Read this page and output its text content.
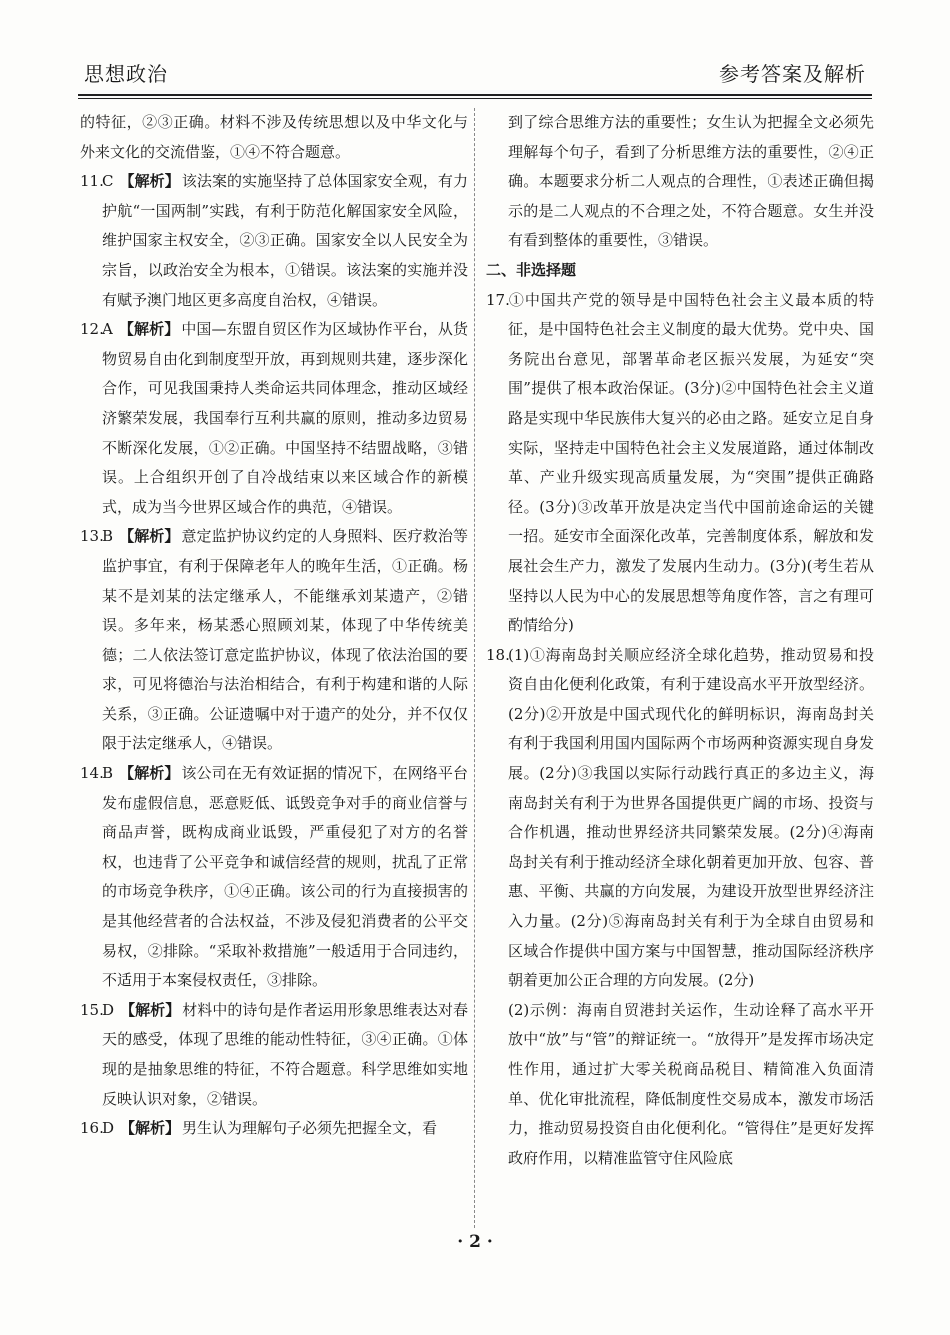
思想政治	参考答案及解析

的特征，②③正确。材料不涉及传统思想以及中华文化与外来文化的交流借鉴，①④不符合题意。

11.C 【解析】 该法案的实施坚持了总体国家安全观，有力护航“一国两制”实践，有利于防范化解国家安全风险，维护国家主权安全，②③正确。国家安全以人民安全为宗旨，以政治安全为根本，①错误。该法案的实施并没有赋予澳门地区更多高度自治权，④错误。

12.A 【解析】 中国—东盟自贸区作为区域协作平台，从货物贸易自由化到制度型开放，再到规则共建，逐步深化合作，可见我国秉持人类命运共同体理念，推动区域经济繁荣发展，我国奉行互利共赢的原则，推动多边贸易不断深化发展，①②正确。中国坚持不结盟战略，③错误。上合组织开创了自冷战结束以来区域合作的新模式，成为当今世界区域合作的典范，④错误。

13.B 【解析】 意定监护协议约定的人身照料、医疗救治等监护事宜，有利于保障老年人的晚年生活，①正确。杨某不是刘某的法定继承人，不能继承刘某遗产，②错误。多年来，杨某悉心照顾刘某，体现了中华传统美德；二人依法签订意定监护协议，体现了依法治国的要求，可见将德治与法治相结合，有利于构建和谐的人际关系，③正确。公证遗嘱中对于遗产的处分，并不仅仅限于法定继承人，④错误。

14.B 【解析】 该公司在无有效证据的情况下，在网络平台发布虚假信息，恶意贬低、诋毁竞争对手的商业信誉与商品声誉，既构成商业诋毁，严重侵犯了对方的名誉权，也违背了公平竞争和诚信经营的规则，扰乱了正常的市场竞争秩序，①④正确。该公司的行为直接损害的是其他经营者的合法权益，不涉及侵犯消费者的公平交易权，②排除。“采取补救措施”一般适用于合同违约，不适用于本案侵权责任，③排除。

15.D 【解析】 材料中的诗句是作者运用形象思维表达对春天的感受，体现了思维的能动性特征，③④正确。①体现的是抽象思维的特征，不符合题意。科学思维如实地反映认识对象，②错误。

16.D 【解析】 男生认为理解句子必须先把握全文，看

到了综合思维方法的重要性；女生认为把握全文必须先理解每个句子，看到了分析思维方法的重要性，②④正确。本题要求分析二人观点的合理性，①表述正确但揭示的是二人观点的不合理之处，不符合题意。女生并没有看到整体的重要性，③错误。

二、非选择题

17.①中国共产党的领导是中国特色社会主义最本质的特征，是中国特色社会主义制度的最大优势。党中央、国务院出台意见，部署革命老区振兴发展，为延安“突围”提供了根本政治保证。(3分)②中国特色社会主义道路是实现中华民族伟大复兴的必由之路。延安立足自身实际，坚持走中国特色社会主义发展道路，通过体制改革、产业升级实现高质量发展，为“突围”提供正确路径。(3分)③改革开放是决定当代中国前途命运的关键一招。延安市全面深化改革，完善制度体系，解放和发展社会生产力，激发了发展内生动力。(3分)(考生若从坚持以人民为中心的发展思想等角度作答，言之有理可酌情给分)

18.(1)①海南岛封关顺应经济全球化趋势，推动贸易和投资自由化便利化政策，有利于建设高水平开放型经济。(2分)②开放是中国式现代化的鲜明标识，海南岛封关有利于我国利用国内国际两个市场两种资源实现自身发展。(2分)③我国以实际行动践行真正的多边主义，海南岛封关有利于为世界各国提供更广阔的市场、投资与合作机遇，推动世界经济共同繁荣发展。(2分)④海南岛封关有利于推动经济全球化朝着更加开放、包容、普惠、平衡、共赢的方向发展，为建设开放型世界经济注入力量。(2分)⑤海南岛封关有利于为全球自由贸易和区域合作提供中国方案与中国智慧，推动国际经济秩序朝着更加公正合理的方向发展。(2分)

(2)示例：海南自贸港封关运作，生动诠释了高水平开放中“放”与“管”的辩证统一。“放得开”是发挥市场决定性作用，通过扩大零关税商品税目、精简准入负面清单、优化审批流程，降低制度性交易成本，激发市场活力，推动贸易投资自由化便利化。“管得住”是更好发挥政府作用，以精准监管守住风险底

· 2 ·
